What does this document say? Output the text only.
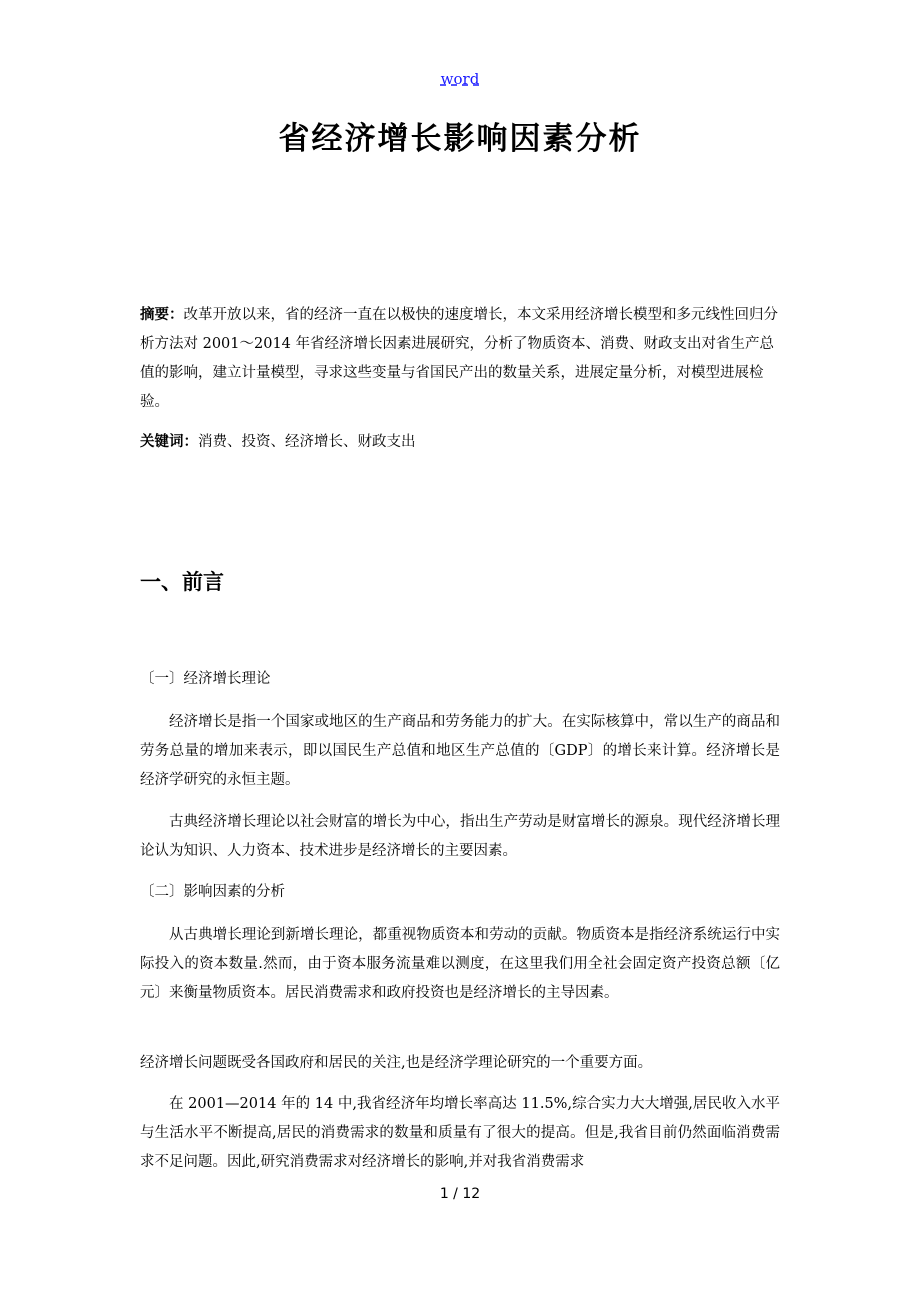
word
省经济增长影响因素分析
摘要：改革开放以来，省的经济一直在以极快的速度增长，本文采用经济增长模型和多元线性回归分析方法对 2001～2014 年省经济增长因素进展研究，分析了物质资本、消费、财政支出对省生产总值的影响，建立计量模型，寻求这些变量与省国民产出的数量关系，进展定量分析，对模型进展检验。
关键词：消费、投资、经济增长、财政支出
一、前言
〔一〕经济增长理论
经济增长是指一个国家或地区的生产商品和劳务能力的扩大。在实际核算中，常以生产的商品和劳务总量的增加来表示，即以国民生产总值和地区生产总值的〔GDP〕的增长来计算。经济增长是经济学研究的永恒主题。
古典经济增长理论以社会财富的增长为中心，指出生产劳动是财富增长的源泉。现代经济增长理论认为知识、人力资本、技术进步是经济增长的主要因素。
〔二〕影响因素的分析
从古典增长理论到新增长理论，都重视物质资本和劳动的贡献。物质资本是指经济系统运行中实际投入的资本数量.然而，由于资本服务流量难以测度，在这里我们用全社会固定资产投资总额〔亿元〕来衡量物质资本。居民消费需求和政府投资也是经济增长的主导因素。
经济增长问题既受各国政府和居民的关注,也是经济学理论研究的一个重要方面。
在 2001—2014 年的 14 中,我省经济年均增长率高达 11.5%,综合实力大大增强,居民收入水平与生活水平不断提高,居民的消费需求的数量和质量有了很大的提高。但是,我省目前仍然面临消费需求不足问题。因此,研究消费需求对经济增长的影响,并对我省消费需求
1 / 12
